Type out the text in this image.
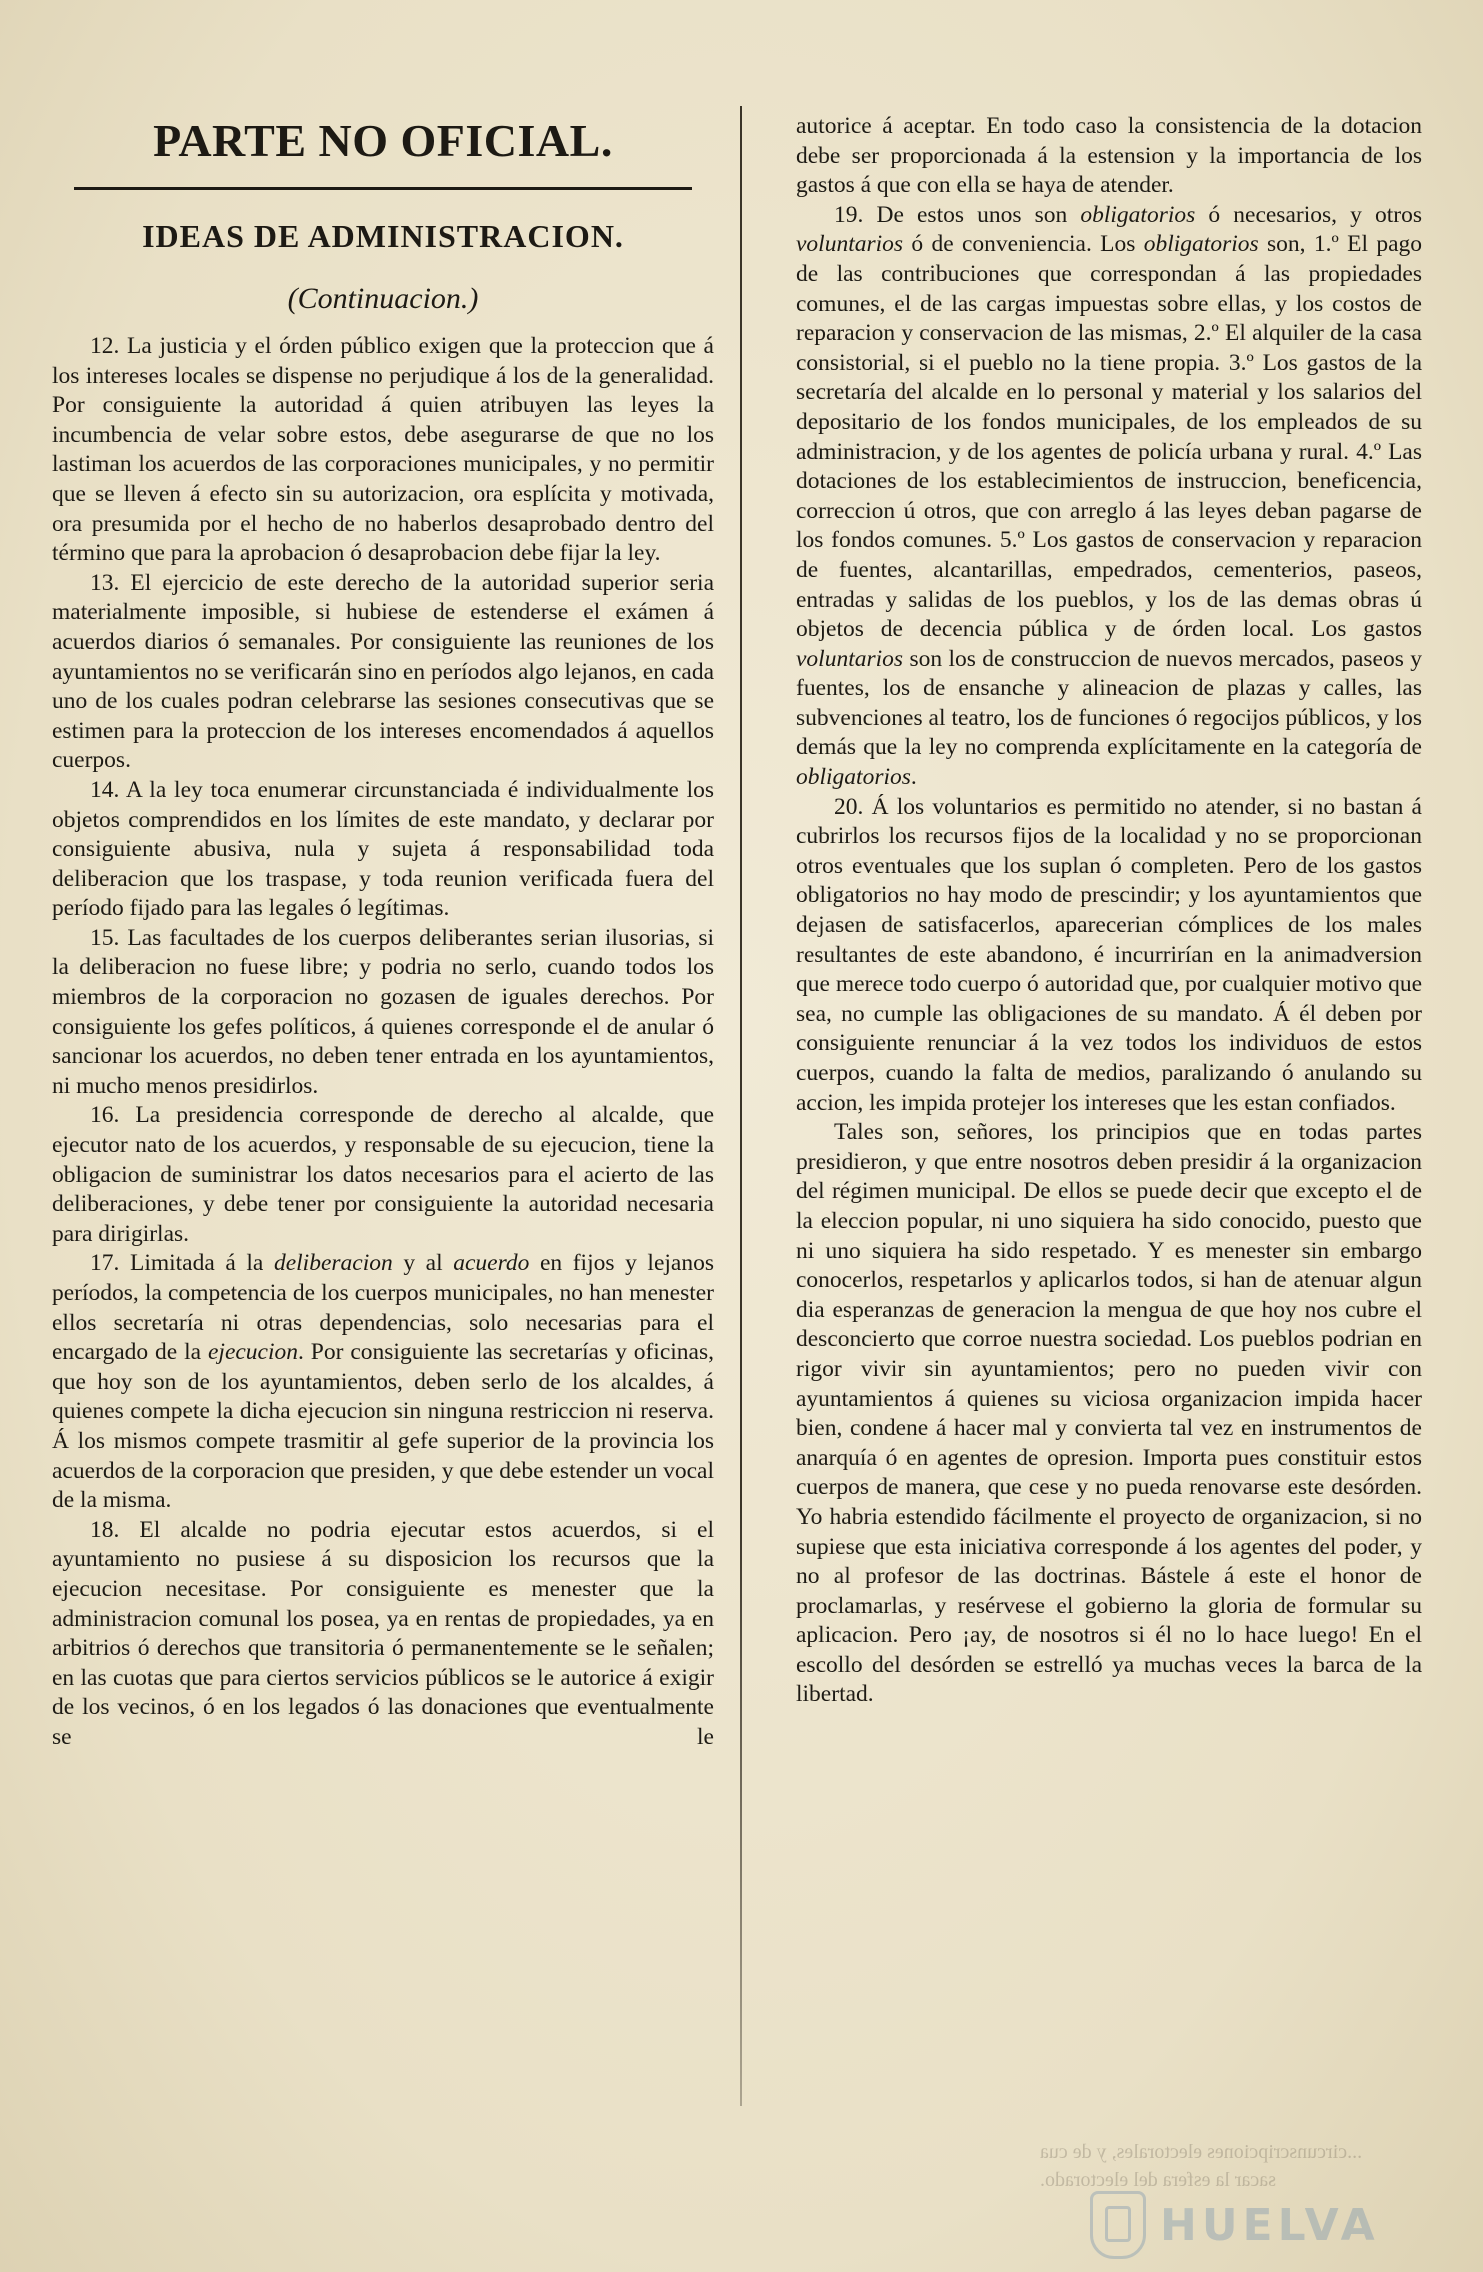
PARTE NO OFICIAL.
IDEAS DE ADMINISTRACION.
(Continuacion.)

12. La justicia y el órden público exigen que la proteccion que á los intereses locales se dispense no perjudique á los de la generalidad. Por consiguiente la autoridad á quien atribuyen las leyes la incumbencia de velar sobre estos, debe asegurarse de que no los lastiman los acuerdos de las corporaciones municipales, y no permitir que se lleven á efecto sin su autorizacion, ora esplícita y motivada, ora presumida por el hecho de no haberlos desaprobado dentro del término que para la aprobacion ó desaprobacion debe fijar la ley.

13. El ejercicio de este derecho de la autoridad superior seria materialmente imposible, si hubiese de estenderse el exámen á acuerdos diarios ó semanales. Por consiguiente las reuniones de los ayuntamientos no se verificarán sino en períodos algo lejanos, en cada uno de los cuales podran celebrarse las sesiones consecutivas que se estimen para la proteccion de los intereses encomendados á aquellos cuerpos.

14. A la ley toca enumerar circunstanciada é individualmente los objetos comprendidos en los límites de este mandato, y declarar por consiguiente abusiva, nula y sujeta á responsabilidad toda deliberacion que los traspase, y toda reunion verificada fuera del período fijado para las legales ó legítimas.

15. Las facultades de los cuerpos deliberantes serian ilusorias, si la deliberacion no fuese libre; y podria no serlo, cuando todos los miembros de la corporacion no gozasen de iguales derechos. Por consiguiente los gefes políticos, á quienes corresponde el de anular ó sancionar los acuerdos, no deben tener entrada en los ayuntamientos, ni mucho menos presidirlos.

16. La presidencia corresponde de derecho al alcalde, que ejecutor nato de los acuerdos, y responsable de su ejecucion, tiene la obligacion de suministrar los datos necesarios para el acierto de las deliberaciones, y debe tener por consiguiente la autoridad necesaria para dirigirlas.

17. Limitada á la deliberacion y al acuerdo en fijos y lejanos períodos, la competencia de los cuerpos municipales, no han menester ellos secretaría ni otras dependencias, solo necesarias para el encargado de la ejecucion. Por consiguiente las secretarías y oficinas, que hoy son de los ayuntamientos, deben serlo de los alcaldes, á quienes compete la dicha ejecucion sin ninguna restriccion ni reserva. Á los mismos compete trasmitir al gefe superior de la provincia los acuerdos de la corporacion que presiden, y que debe estender un vocal de la misma.

18. El alcalde no podria ejecutar estos acuerdos, si el ayuntamiento no pusiese á su disposicion los recursos que la ejecucion necesitase. Por consiguiente es menester que la administracion comunal los posea, ya en rentas de propiedades, ya en arbitrios ó derechos que transitoria ó permanentemente se le señalen; en las cuotas que para ciertos servicios públicos se le autorice á exigir de los vecinos, ó en los legados ó las donaciones que eventualmente se le

autorice á aceptar. En todo caso la consistencia de la dotacion debe ser proporcionada á la estension y la importancia de los gastos á que con ella se haya de atender.

19. De estos unos son obligatorios ó necesarios, y otros voluntarios ó de conveniencia. Los obligatorios son, 1.º El pago de las contribuciones que correspondan á las propiedades comunes, el de las cargas impuestas sobre ellas, y los costos de reparacion y conservacion de las mismas, 2.º El alquiler de la casa consistorial, si el pueblo no la tiene propia. 3.º Los gastos de la secretaría del alcalde en lo personal y material y los salarios del depositario de los fondos municipales, de los empleados de su administracion, y de los agentes de policía urbana y rural. 4.º Las dotaciones de los establecimientos de instruccion, beneficencia, correccion ú otros, que con arreglo á las leyes deban pagarse de los fondos comunes. 5.º Los gastos de conservacion y reparacion de fuentes, alcantarillas, empedrados, cementerios, paseos, entradas y salidas de los pueblos, y los de las demas obras ú objetos de decencia pública y de órden local. Los gastos voluntarios son los de construccion de nuevos mercados, paseos y fuentes, los de ensanche y alineacion de plazas y calles, las subvenciones al teatro, los de funciones ó regocijos públicos, y los demás que la ley no comprenda explícitamente en la categoría de obligatorios.

20. Á los voluntarios es permitido no atender, si no bastan á cubrirlos los recursos fijos de la localidad y no se proporcionan otros eventuales que los suplan ó completen. Pero de los gastos obligatorios no hay modo de prescindir; y los ayuntamientos que dejasen de satisfacerlos, aparecerian cómplices de los males resultantes de este abandono, é incurrirían en la animadversion que merece todo cuerpo ó autoridad que, por cualquier motivo que sea, no cumple las obligaciones de su mandato. Á él deben por consiguiente renunciar á la vez todos los individuos de estos cuerpos, cuando la falta de medios, paralizando ó anulando su accion, les impida protejer los intereses que les estan confiados.

Tales son, señores, los principios que en todas partes presidieron, y que entre nosotros deben presidir á la organizacion del régimen municipal. De ellos se puede decir que excepto el de la eleccion popular, ni uno siquiera ha sido conocido, puesto que ni uno siquiera ha sido respetado. Y es menester sin embargo conocerlos, respetarlos y aplicarlos todos, si han de atenuar algun dia esperanzas de generacion la mengua de que hoy nos cubre el desconcierto que corroe nuestra sociedad. Los pueblos podrian en rigor vivir sin ayuntamientos; pero no pueden vivir con ayuntamientos á quienes su viciosa organizacion impida hacer bien, condene á hacer mal y convierta tal vez en instrumentos de anarquía ó en agentes de opresion. Importa pues constituir estos cuerpos de manera, que cese y no pueda renovarse este desórden. Yo habria estendido fácilmente el proyecto de organizacion, si no supiese que esta iniciativa corresponde á los agentes del poder, y no al profesor de las doctrinas. Bástele á este el honor de proclamarlas, y resérvese el gobierno la gloria de formular su aplicacion. Pero ¡ay, de nosotros si él no lo hace luego! En el escollo del desórden se estrelló ya muchas veces la barca de la libertad.

...circunscripciones electorales, y de cua
sacar la esfera del electorado.
HUELVA
